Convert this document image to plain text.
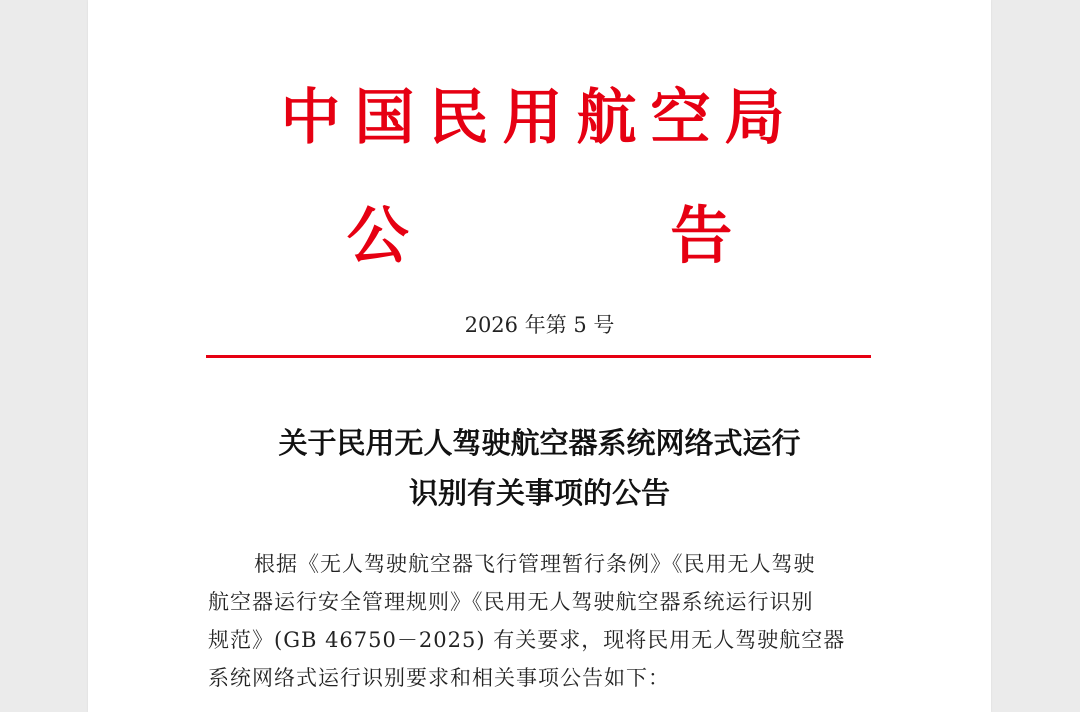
中国民用航空局
公 告
2026 年第 5 号
关于民用无人驾驶航空器系统网络式运行
识别有关事项的公告
根据《无人驾驶航空器飞行管理暂行条例》《民用无人驾驶
航空器运行安全管理规则》《民用无人驾驶航空器系统运行识别
规范》(GB 46750－2025) 有关要求，现将民用无人驾驶航空器
系统网络式运行识别要求和相关事项公告如下：
